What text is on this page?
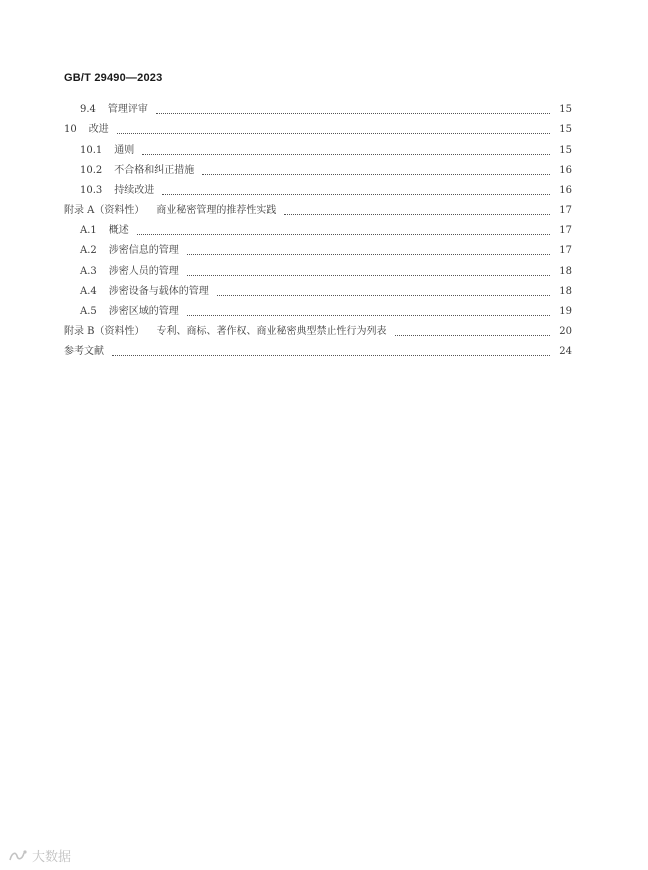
GB/T 29490—2023
9.4 管理评审	15
10 改进	15
10.1 通则	15
10.2 不合格和纠正措施	16
10.3 持续改进	16
附录 A（资料性） 商业秘密管理的推荐性实践	17
A.1 概述	17
A.2 涉密信息的管理	17
A.3 涉密人员的管理	18
A.4 涉密设备与载体的管理	18
A.5 涉密区域的管理	19
附录 B（资料性） 专利、商标、著作权、商业秘密典型禁止性行为列表	20
参考文献	24
大数据
